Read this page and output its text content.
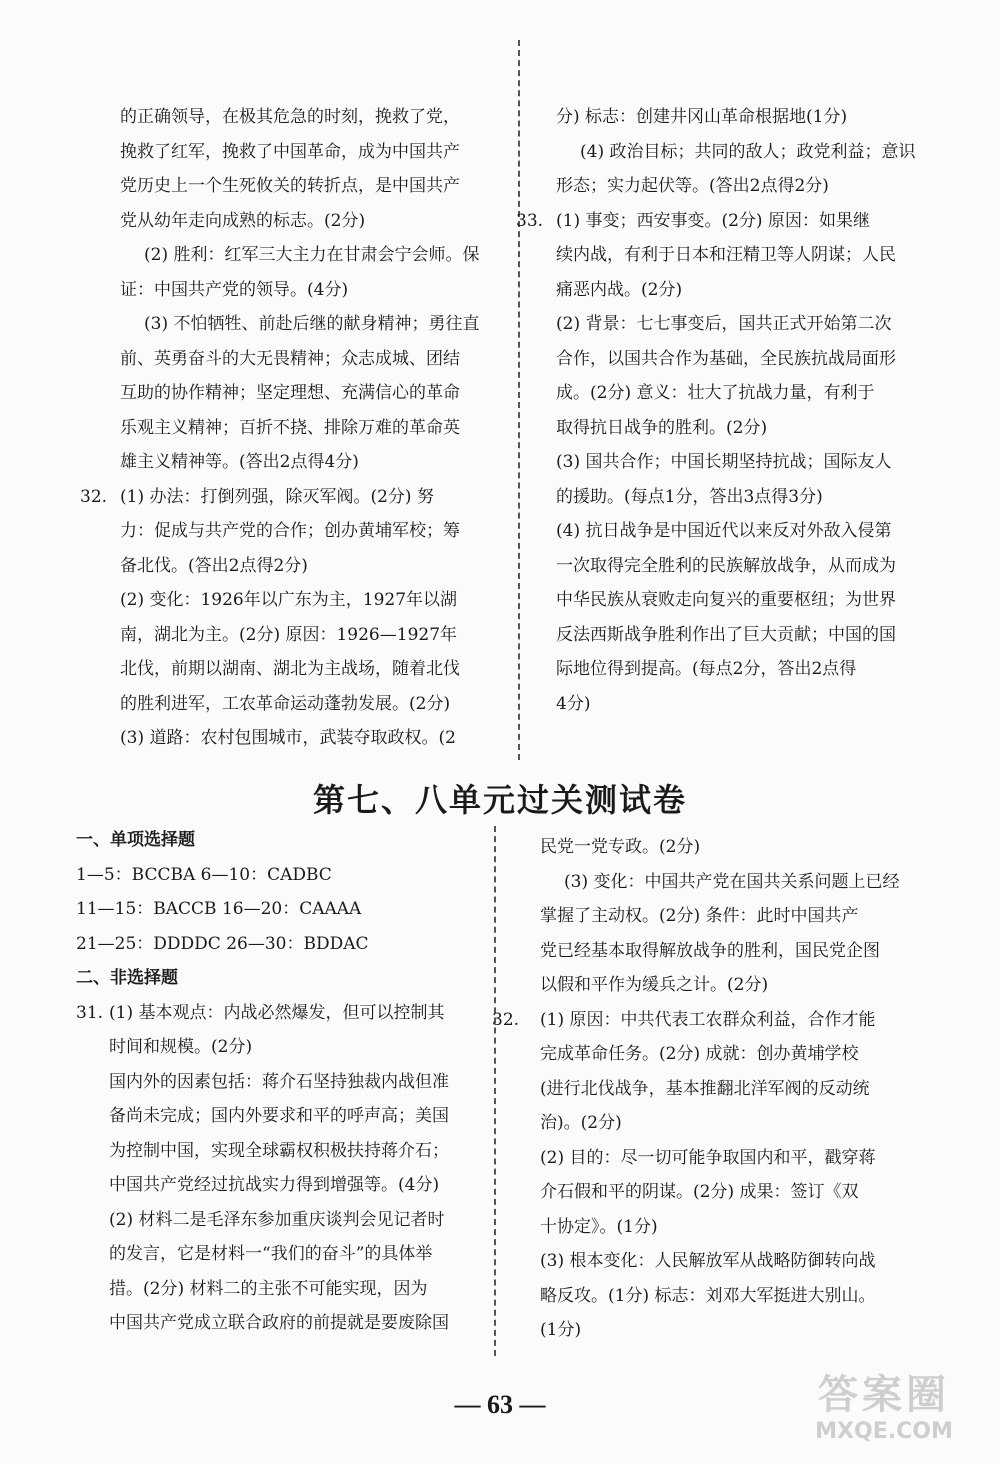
的正确领导，在极其危急的时刻，挽救了党，

挽救了红军，挽救了中国革命，成为中国共产

党历史上一个生死攸关的转折点，是中国共产

党从幼年走向成熟的标志。(2分)

(2) 胜利：红军三大主力在甘肃会宁会师。保

证：中国共产党的领导。(4分)

(3) 不怕牺牲、前赴后继的献身精神；勇往直

前、英勇奋斗的大无畏精神；众志成城、团结

互助的协作精神；坚定理想、充满信心的革命

乐观主义精神；百折不挠、排除万难的革命英

雄主义精神等。(答出2点得4分)

32. (1) 办法：打倒列强，除灭军阀。(2分) 努

力：促成与共产党的合作；创办黄埔军校；筹

备北伐。(答出2点得2分)

(2) 变化：1926年以广东为主，1927年以湖

南，湖北为主。(2分) 原因：1926—1927年

北伐，前期以湖南、湖北为主战场，随着北伐

的胜利进军，工农革命运动蓬勃发展。(2分)

(3) 道路：农村包围城市，武装夺取政权。(2

分) 标志：创建井冈山革命根据地(1分)

(4) 政治目标；共同的敌人；政党利益；意识

形态；实力起伏等。(答出2点得2分)

33. (1) 事变；西安事变。(2分) 原因：如果继

续内战，有利于日本和汪精卫等人阴谋；人民

痛恶内战。(2分)

(2) 背景：七七事变后，国共正式开始第二次

合作，以国共合作为基础，全民族抗战局面形

成。(2分) 意义：壮大了抗战力量，有利于

取得抗日战争的胜利。(2分)

(3) 国共合作；中国长期坚持抗战；国际友人

的援助。(每点1分，答出3点得3分)

(4) 抗日战争是中国近代以来反对外敌入侵第

一次取得完全胜利的民族解放战争，从而成为

中华民族从衰败走向复兴的重要枢纽；为世界

反法西斯战争胜利作出了巨大贡献；中国的国

际地位得到提高。(每点2分，答出2点得

4分)

第七、八单元过关测试卷

一、单项选择题

1—5：BCCBA 6—10：CADBC

11—15：BACCB 16—20：CAAAA

21—25：DDDDC 26—30：BDDAC

二、非选择题

31. (1) 基本观点：内战必然爆发，但可以控制其

时间和规模。(2分)

国内外的因素包括：蒋介石坚持独裁内战但准

备尚未完成；国内外要求和平的呼声高；美国

为控制中国，实现全球霸权积极扶持蒋介石；

中国共产党经过抗战实力得到增强等。(4分)

(2) 材料二是毛泽东参加重庆谈判会见记者时

的发言，它是材料一“我们的奋斗”的具体举

措。(2分) 材料二的主张不可能实现，因为

中国共产党成立联合政府的前提就是要废除国

民党一党专政。(2分)

(3) 变化：中国共产党在国共关系问题上已经

掌握了主动权。(2分) 条件：此时中国共产

党已经基本取得解放战争的胜利，国民党企图

以假和平作为缓兵之计。(2分)

32. (1) 原因：中共代表工农群众利益，合作才能

完成革命任务。(2分) 成就：创办黄埔学校

(进行北伐战争，基本推翻北洋军阀的反动统

治)。(2分)

(2) 目的：尽一切可能争取国内和平，戳穿蒋

介石假和平的阴谋。(2分) 成果：签订《双

十协定》。(1分)

(3) 根本变化：人民解放军从战略防御转向战

略反攻。(1分) 标志：刘邓大军挺进大别山。

(1分)

— 63 —	答案圈
MXQE.COM
